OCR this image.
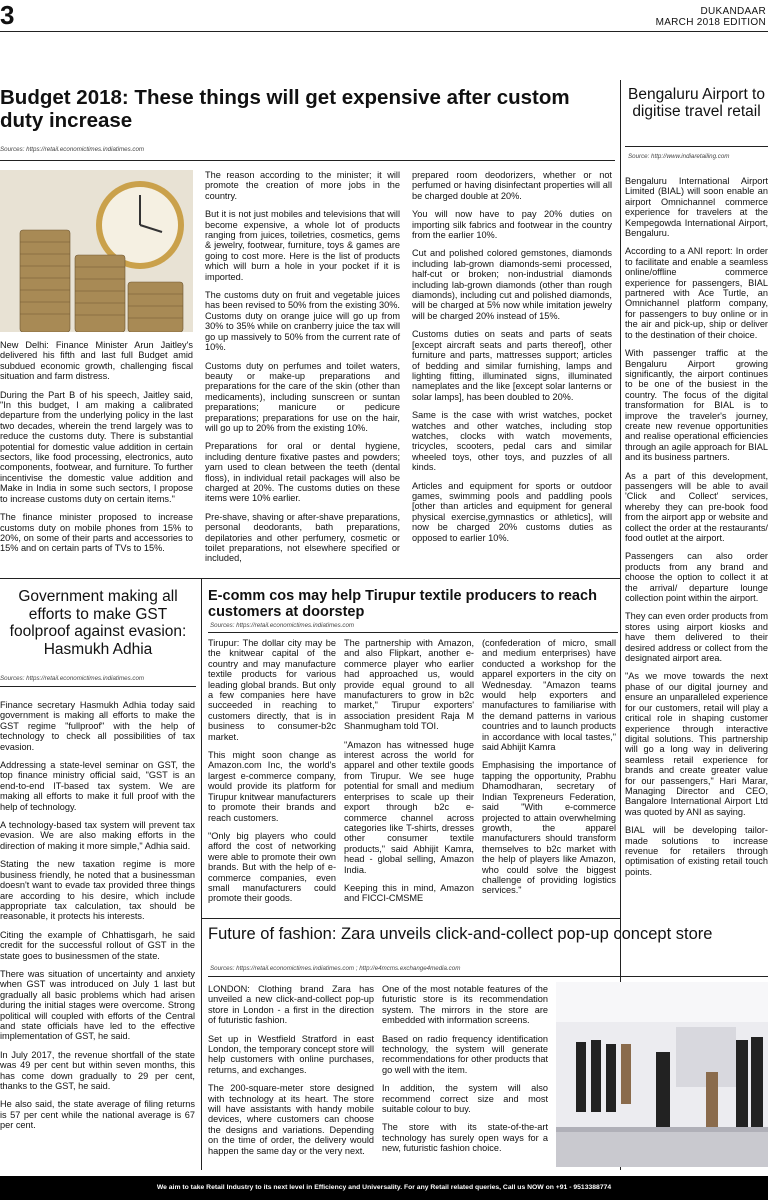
3	DUKANDAAR
MARCH 2018 EDITION
Budget 2018: These things will get expensive after custom duty increase
Sources: https://retail.economictimes.indiatimes.com

New Delhi: Finance Minister Arun Jaitley's delivered his fifth and last full Budget amid subdued economic growth, challenging fiscal situation and farm distress.

During the Part B of his speech, Jaitley said, "In this budget, I am making a calibrated departure from the underlying policy in the last two decades, wherein the trend largely was to reduce the customs duty. There is substantial potential for domestic value addition in certain sectors, like food processing, electronics, auto components, footwear, and furniture. To further incentivise the domestic value addition and Make in India in some such sectors, I propose to increase customs duty on certain items."

The finance minister proposed to increase customs duty on mobile phones from 15% to 20%, on some of their parts and accessories to 15% and on certain parts of TVs to 15%.

The reason according to the minister; it will promote the creation of more jobs in the country.

But it is not just mobiles and televisions that will become expensive, a whole lot of products ranging from juices, toiletries, cosmetics, gems & jewelry, footwear, furniture, toys & games are going to cost more. Here is the list of products which will burn a hole in your pocket if it is imported.

The customs duty on fruit and vegetable juices has been revised to 50% from the existing 30%. Customs duty on orange juice will go up from 30% to 35% while on cranberry juice the tax will go up massively to 50% from the current rate of 10%.

Customs duty on perfumes and toilet waters, beauty or make-up preparations and preparations for the care of the skin (other than medicaments), including sunscreen or suntan preparations; manicure or pedicure preparations; preparations for use on the hair, will go up to 20% from the existing 10%.

Preparations for oral or dental hygiene, including denture fixative pastes and powders; yarn used to clean between the teeth (dental floss), in individual retail packages will also be charged at 20%. The customs duties on these items were 10% earlier.

Pre-shave, shaving or after-shave preparations, personal deodorants, bath preparations, depilatories and other perfumery, cosmetic or toilet preparations, not elsewhere specified or included,

prepared room deodorizers, whether or not perfumed or having disinfectant properties will all be charged double at 20%.

You will now have to pay 20% duties on importing silk fabrics and footwear in the country from the earlier 10%.

Cut and polished colored gemstones, diamonds including lab-grown diamonds-semi processed, half-cut or broken; non-industrial diamonds including lab-grown diamonds (other than rough diamonds), including cut and polished diamonds, will be charged at 5% now while imitation jewelry will be charged 20% instead of 15%.

Customs duties on seats and parts of seats [except aircraft seats and parts thereof], other furniture and parts, mattresses support; articles of bedding and similar furnishing, lamps and lighting fitting, illuminated signs, illuminated nameplates and the like [except solar lanterns or solar lamps], has been doubled to 20%.

Same is the case with wrist watches, pocket watches and other watches, including stop watches, clocks with watch movements, tricycles, scooters, pedal cars and similar wheeled toys, other toys, and puzzles of all kinds.

Articles and equipment for sports or outdoor games, swimming pools and paddling pools [other than articles and equipment for general physical exercise,gymnastics or athletics], will now be charged 20% customs duties as opposed to earlier 10%.

Bengaluru Airport to digitise travel retail
Source: http://www.indiaretailing.com

Bengaluru International Airport Limited (BIAL) will soon enable an airport Omnichannel commerce experience for travelers at the Kempegowda International Airport, Bengaluru.

According to a ANI report: In order to facilitate and enable a seamless online/offline commerce experience for passengers, BIAL partnered with Ace Turtle, an Omnichannel platform company, for passengers to buy online or in the air and pick-up, ship or deliver to the destination of their choice.

With passenger traffic at the Bengaluru Airport growing significantly, the airport continues to be one of the busiest in the country. The focus of the digital transformation for BIAL is to improve the traveler's journey, create new revenue opportunities and realise operational efficiencies through an agile approach for BIAL and its business partners.

As a part of this development, passengers will be able to avail 'Click and Collect' services, whereby they can pre-book food from the airport app or website and collect the order at the restaurants/ food outlet at the airport.

Passengers can also order products from any brand and choose the option to collect it at the arrival/ departure lounge collection point within the airport.

They can even order products from stores using airport kiosks and have them delivered to their desired address or collect from the designated airport area.

"As we move towards the next phase of our digital journey and ensure an unparalleled experience for our customers, retail will play a critical role in shaping customer experience through interactive digital solutions. This partnership will go a long way in delivering seamless retail experience for brands and create greater value for our passengers," Hari Marar, Managing Director and CEO, Bangalore International Airport Ltd was quoted by ANI as saying.

BIAL will be developing tailor-made solutions to increase revenue for retailers through optimisation of existing retail touch points.

Government making all efforts to make GST foolproof against evasion: Hasmukh Adhia
Sources: https://retail.economictimes.indiatimes.com

Finance secretary Hasmukh Adhia today said government is making all efforts to make the GST regime "fullproof" with the help of technology to check all possibilities of tax evasion.

Addressing a state-level seminar on GST, the top finance ministry official said, "GST is an end-to-end IT-based tax system. We are making all efforts to make it full proof with the help of technology.

A technology-based tax system will prevent tax evasion. We are also making efforts in the direction of making it more simple," Adhia said.

Stating the new taxation regime is more business friendly, he noted that a businessman doesn't want to evade tax provided three things are according to his desire, which include appropriate tax calculation, tax should be reasonable, it protects his interests.

Citing the example of Chhattisgarh, he said credit for the successful rollout of GST in the state goes to businessmen of the state.

There was situation of uncertainty and anxiety when GST was introduced on July 1 last but gradually all basic problems which had arisen during the initial stages were overcome. Strong political will coupled with efforts of the Central and state officials have led to the effective implementation of GST, he said.

In July 2017, the revenue shortfall of the state was 49 per cent but within seven months, this has come down gradually to 29 per cent, thanks to the GST, he said.

He also said, the state average of filing returns is 57 per cent while the national average is 67 per cent.

E-comm cos may help Tirupur textile producers to reach customers at doorstep
Sources: https://retail.economictimes.indiatimes.com

Tirupur: The dollar city may be the knitwear capital of the country and may manufacture textile products for various leading global brands. But only a few companies here have succeeded in reaching to customers directly, that is in business to consumer-b2c market.

This might soon change as Amazon.com Inc, the world's largest e-commerce company, would provide its platform for Tirupur knitwear manufacturers to promote their brands and reach customers.

"Only big players who could afford the cost of networking were able to promote their own brands. But with the help of e-commerce companies, even small manufacturers could promote their goods.

The partnership with Amazon, and also Flipkart, another e-commerce player who earlier had approached us, would provide equal ground to all manufacturers to grow in b2c market," Tirupur exporters' association president Raja M Shanmugham told TOI.

"Amazon has witnessed huge interest across the world for apparel and other textile goods from Tirupur. We see huge potential for small and medium enterprises to scale up their export through b2c e-commerce channel across categories like T-shirts, dresses other consumer textile products," said Abhijit Kamra, head - global selling, Amazon India.

Keeping this in mind, Amazon and FICCI-CMSME

(confederation of micro, small and medium enterprises) have conducted a workshop for the apparel exporters in the city on Wednesday. "Amazon teams would help exporters and manufactures to familiarise with the demand patterns in various countries and to launch products in accordance with local tastes," said Abhijit Kamra

Emphasising the importance of tapping the opportunity, Prabhu Dhamodharan, secretary of Indian Texpreneurs Federation, said "With e-commerce projected to attain overwhelming growth, the apparel manufacturers should transform themselves to b2c market with the help of players like Amazon, who could solve the biggest challenge of providing logistics services."

Future of fashion: Zara unveils click-and-collect pop-up concept store
Sources: https://retail.economictimes.indiatimes.com ; http://e4mcms.exchange4media.com

LONDON: Clothing brand Zara has unveiled a new click-and-collect pop-up store in London - a first in the direction of futuristic fashion.

Set up in Westfield Stratford in east London, the temporary concept store will help customers with online purchases, returns, and exchanges.

The 200-square-meter store designed with technology at its heart. The store will have assistants with handy mobile devices, where customers can choose the designs and variations. Depending on the time of order, the delivery would happen the same day or the very next.

One of the most notable features of the futuristic store is its recommendation system. The mirrors in the store are embedded with information screens.

Based on radio frequency identification technology, the system will generate recommendations for other products that go well with the item.

In addition, the system will also recommend correct size and most suitable colour to buy.

The store with its state-of-the-art technology has surely open ways for a new, futuristic fashion choice.

We aim to take Retail Industry to its next level in Efficiency and Universality. For any Retail related queries, Call us NOW on +91 - 9513388774
